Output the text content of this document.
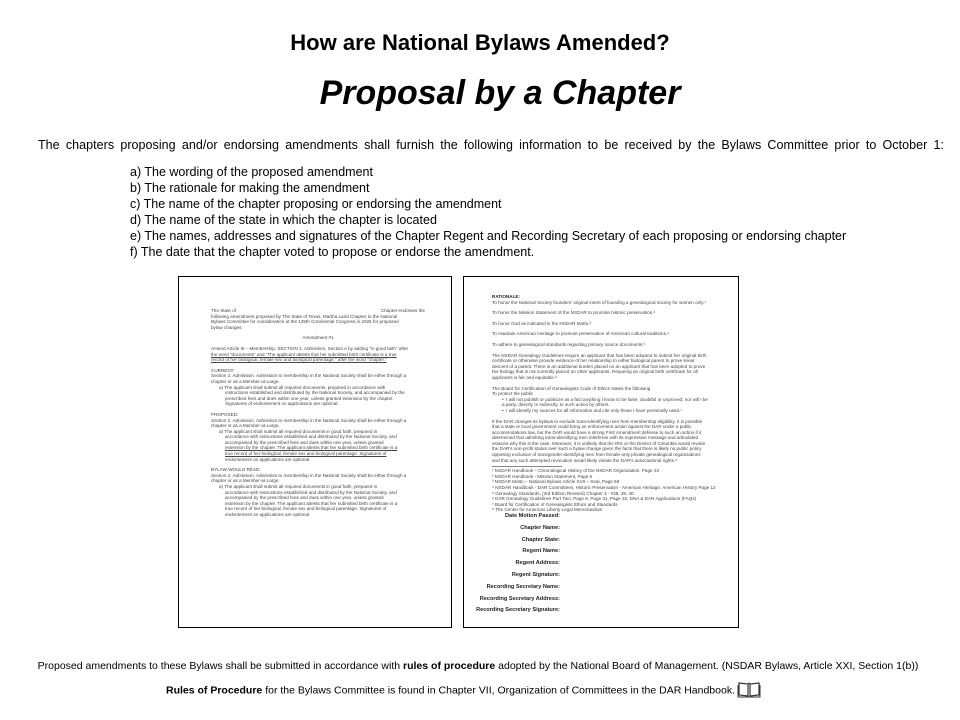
How are National Bylaws Amended?
Proposal by a Chapter
The chapters proposing and/or endorsing amendments shall furnish the following information to be received by the Bylaws Committee prior to October 1:
a) The wording of the proposed amendment
b) The rationale for making the amendment
c) The name of the chapter proposing or endorsing the amendment
d) The name of the state in which the chapter is located
e) The names, addresses and signatures of the Chapter Regent and Recording Secretary of each proposing or endorsing chapter
f) The date that the chapter voted to propose or endorse the amendment.
The State of	Chapter endorses the
following amendment proposed by The State of Texas, Martha Laird Chapter to the National
Bylaws Committee for consideration at the 135th Continental Congress in 2026 for proposed
bylaw changes.
Amendment #1
Amend Article III – Membership, SECTION 2. Admission, Section A by adding "in good faith" after
the word "documents" and "The applicant attests that her submitted birth certificate is a true
record of her biological, female sex and biological parentage." after the word "chapter."
CURRENT:
Section 2. Admission. Admission to membership in the National Society shall be either through a
chapter or as a Member-at-Large.
a) The applicant shall submit all required documents, prepared in accordance with
instructions established and distributed by the National Society, and accompanied by the
prescribed fees and dues within one year, unless granted extension by the chapter.
Signatures of endorsement on applications are optional.
PROPOSED:
Section 2. Admission. Admission to membership in the National Society shall be either through a
chapter or as a Member-at-Large.
a) The applicant shall submit all required documents in good faith, prepared in
accordance with instructions established and distributed by the National Society, and
accompanied by the prescribed fees and dues within one year, unless granted
extension by the chapter. The applicant attests that her submitted birth certificate is a
true record of her biological, female sex and biological parentage. Signatures of
endorsement on applications are optional.
BYLAW WOULD READ:
Section 2. Admission. Admission to membership in the National Society shall be either through a
chapter or as a Member-at-Large.
a) The applicant shall submit all required documents in good faith, prepared in
accordance with instructions established and distributed by the National Society, and
accompanied by the prescribed fees and dues within one year, unless granted
extension by the chapter. The applicant attests that her submitted birth certificate is a
true record of her biological, female sex and biological parentage. Signatures of
endorsement on applications are optional.
RATIONALE:
To honor the National Society founders' original intent of founding a genealogical society for women only.¹
To honor the Mission Statement of the NSDAR to promote historic preservation.²
To honor God as indicated in the NSDAR Motto.³
To maintain American Heritage to promote preservation of American cultural traditions.⁴
To adhere to genealogical standards regarding primary source documents.⁵
The NSDAR Genealogy Guidelines require an applicant that has been adopted to submit her original birth
certificate or otherwise provide evidence of her relationship to either biological parent to prove lineal
descent of a patriot. There is an additional burden placed on an applicant that has been adopted to prove
her biology that is not currently placed on other applicants. Requiring an original birth certificate for all
applicants is fair and equitable.⁶
The Board for Certification of Genealogists Code of Ethics states the following
To protect the public
•  I will not publish or publicize as a fact anything I know to be false, doubtful or unproved; nor will I be
a party, directly or indirectly, to such action by others.
•  I will identify my sources for all information and cite only those I have personally used.⁷
If the DAR changes its bylaws to exclude trans-identifying men from membership eligibility, it is possible
that a state or local government could bring an enforcement action against the DAR under a public
accommodations law, but the DAR would have a strong First Amendment defense to such an action if it
determined that admitting trans-identifying men interferes with its expressive message and articulated
reasons why this is the case. Moreover, it is unlikely that the IRS or the District of Columbia would revoke
the DAR's non-profit status over such a bylaw change given the facts that there is likely no public policy
opposing exclusion of transgender-identifying men from female-only private genealogical organizations
and that any such attempted revocation would likely violate the DAR's associational rights.⁸
¹ NSDAR Handbook – Chronological History of the NSDAR Organization, Page 23
² NSDAR Handbook - Mission Statement, Page 6
³ NSDAR Motto – National Bylaws Article XVII – Seal, Page 59
⁴ NSDAR Handbook - DAR Committees, Historic Preservation - American Heritage, American History Page 12
⁵ Genealogy Standards, (3rd Edition Revised) Chapter 3 - #38, 39, 40
⁶ DAR Genealogy Guidelines Part Two, Page 8, Page 31, Page 32, DNA & DAR Applications (FAQs)
⁷ Board for Certification of Genealogists Ethics and Standards
⁸ The Center for American Liberty Legal Memorandum
Date Motion Passed:
Chapter Name:
Chapter State:
Regent Name:
Regent Address:
Regent Signature:
Recording Secretary Name:
Recording Secretary Address:
Recording Secretary Signature:
Proposed amendments to these Bylaws shall be submitted in accordance with rules of procedure adopted by the National Board of Management. (NSDAR Bylaws, Article XXI, Section 1(b))
Rules of Procedure for the Bylaws Committee is found in Chapter VII, Organization of Committees in the DAR Handbook.
